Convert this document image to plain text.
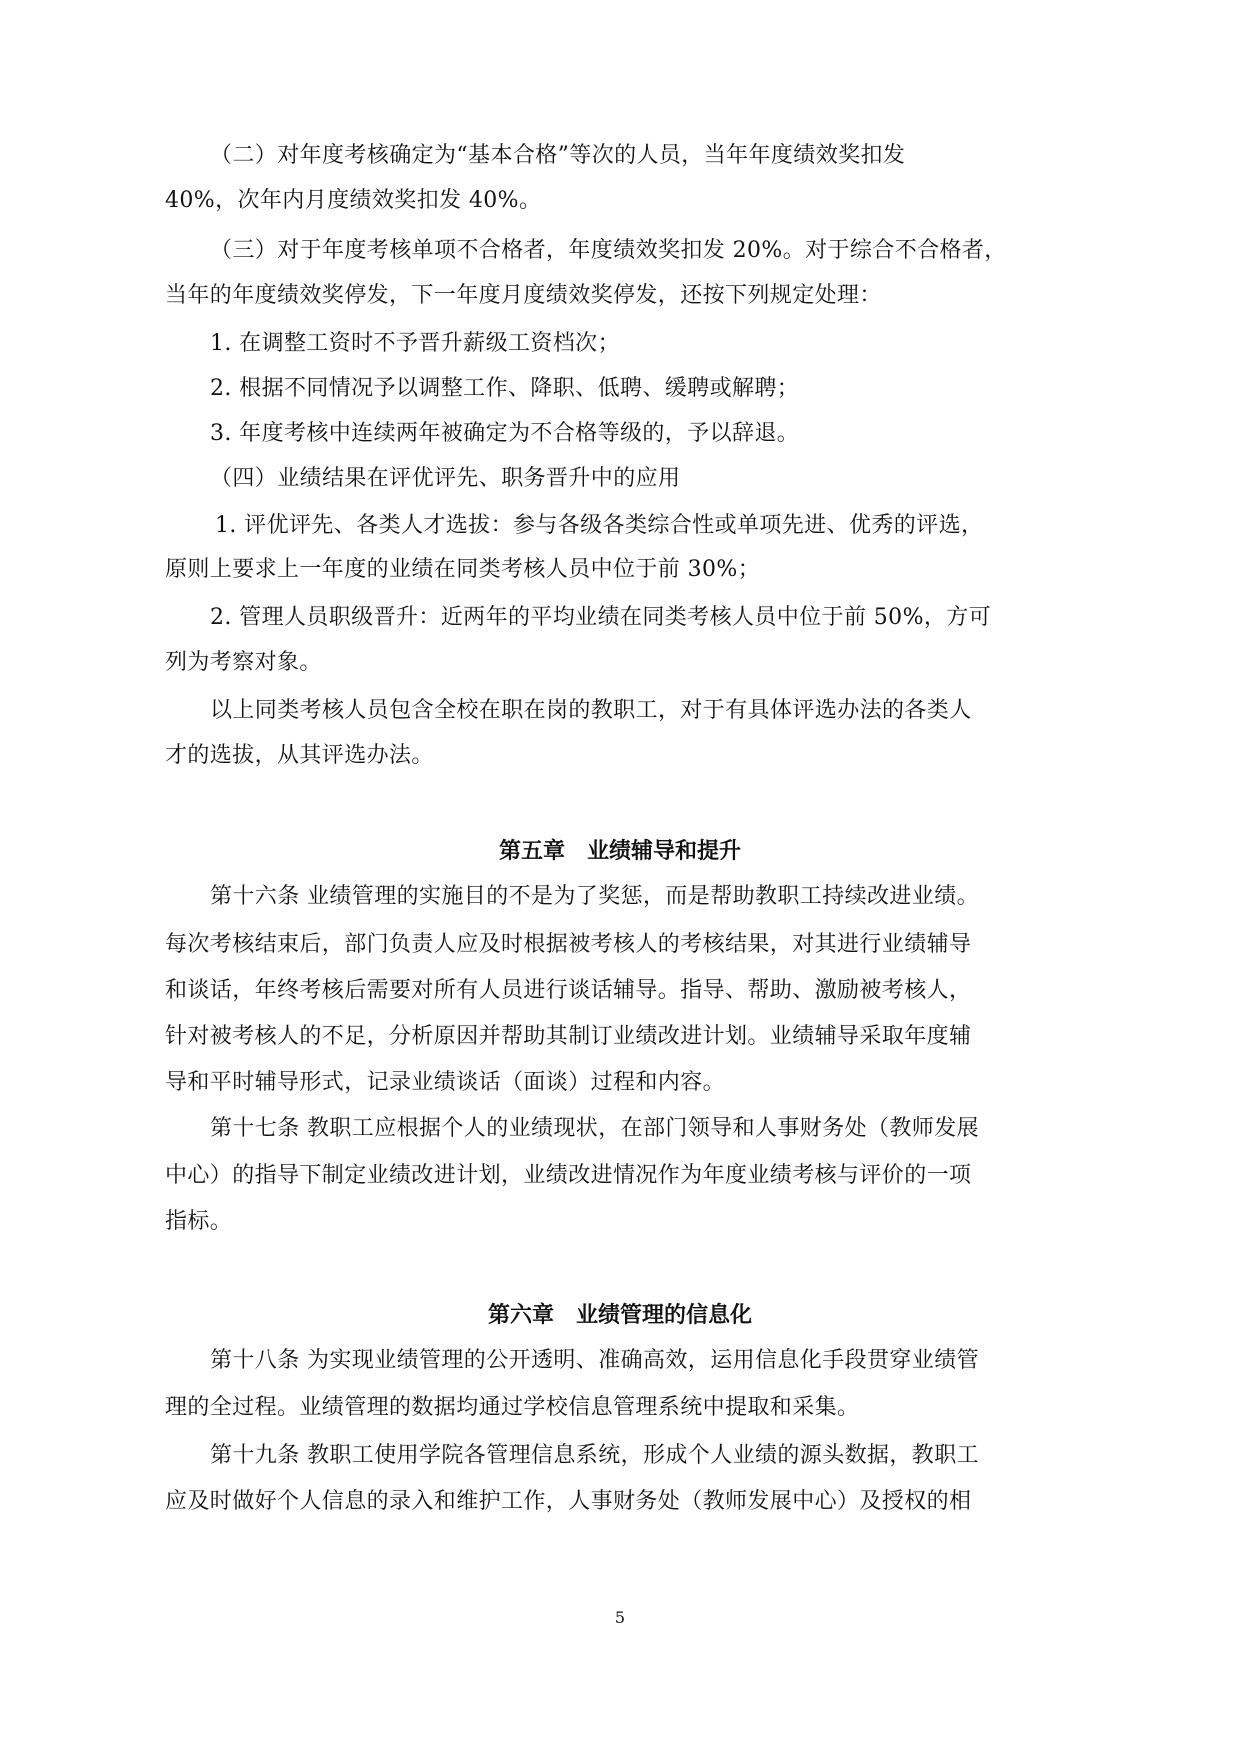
（二）对年度考核确定为“基本合格”等次的人员，当年年度绩效奖扣发
40%，次年内月度绩效奖扣发 40%。
（三）对于年度考核单项不合格者，年度绩效奖扣发 20%。对于综合不合格者，
当年的年度绩效奖停发，下一年度月度绩效奖停发，还按下列规定处理：
1. 在调整工资时不予晋升薪级工资档次；
2. 根据不同情况予以调整工作、降职、低聘、缓聘或解聘；
3. 年度考核中连续两年被确定为不合格等级的，予以辞退。
（四）业绩结果在评优评先、职务晋升中的应用
1. 评优评先、各类人才选拔：参与各级各类综合性或单项先进、优秀的评选，
原则上要求上一年度的业绩在同类考核人员中位于前 30%；
2. 管理人员职级晋升：近两年的平均业绩在同类考核人员中位于前 50%，方可
列为考察对象。
以上同类考核人员包含全校在职在岗的教职工，对于有具体评选办法的各类人
才的选拔，从其评选办法。
第五章 业绩辅导和提升
第十六条 业绩管理的实施目的不是为了奖惩，而是帮助教职工持续改进业绩。
每次考核结束后，部门负责人应及时根据被考核人的考核结果，对其进行业绩辅导
和谈话，年终考核后需要对所有人员进行谈话辅导。指导、帮助、激励被考核人，
针对被考核人的不足，分析原因并帮助其制订业绩改进计划。业绩辅导采取年度辅
导和平时辅导形式，记录业绩谈话（面谈）过程和内容。
第十七条 教职工应根据个人的业绩现状，在部门领导和人事财务处（教师发展
中心）的指导下制定业绩改进计划，业绩改进情况作为年度业绩考核与评价的一项
指标。
第六章 业绩管理的信息化
第十八条 为实现业绩管理的公开透明、准确高效，运用信息化手段贯穿业绩管
理的全过程。业绩管理的数据均通过学校信息管理系统中提取和采集。
第十九条 教职工使用学院各管理信息系统，形成个人业绩的源头数据，教职工
应及时做好个人信息的录入和维护工作，人事财务处（教师发展中心）及授权的相
5
